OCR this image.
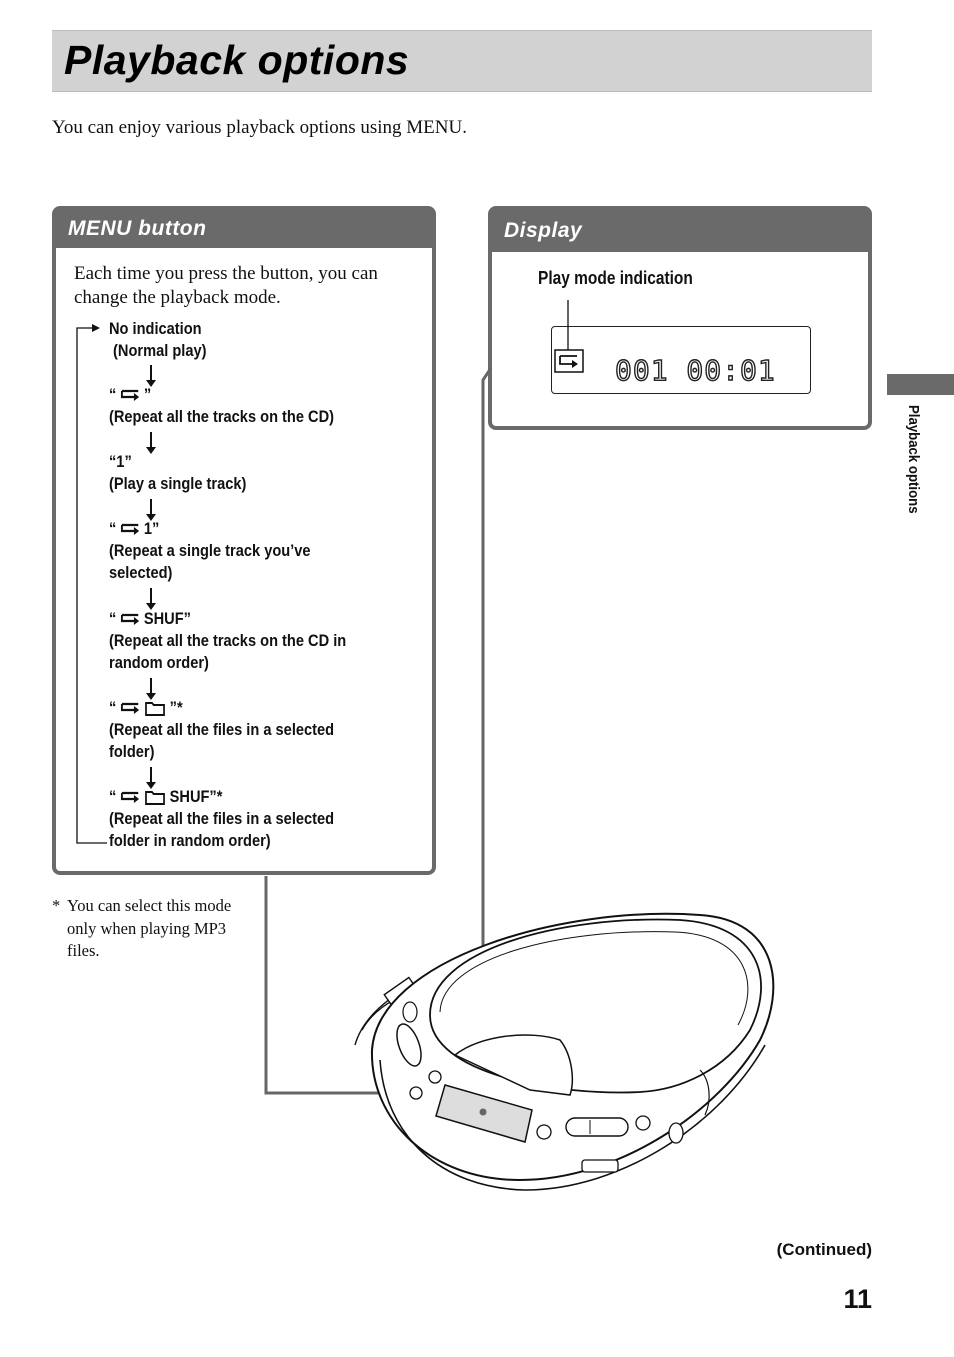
Playback options
You can enjoy various playback options using MENU.
MENU button
Each time you press the button, you can change the playback mode.
No indication
(Normal play)
“ ”
(Repeat all the tracks on the CD)
“1”
(Play a single track)
“ 1”
(Repeat a single track you’ve
selected)
“ SHUF”
(Repeat all the tracks on the CD in
random order)
“	”*
(Repeat all the files in a selected
folder)
“	SHUF”*
(Repeat all the files in a selected
folder in random order)
* You can select this mode only when playing MP3 files.
Display
Play mode indication
001 00:01
Playback options
(Continued)
11
